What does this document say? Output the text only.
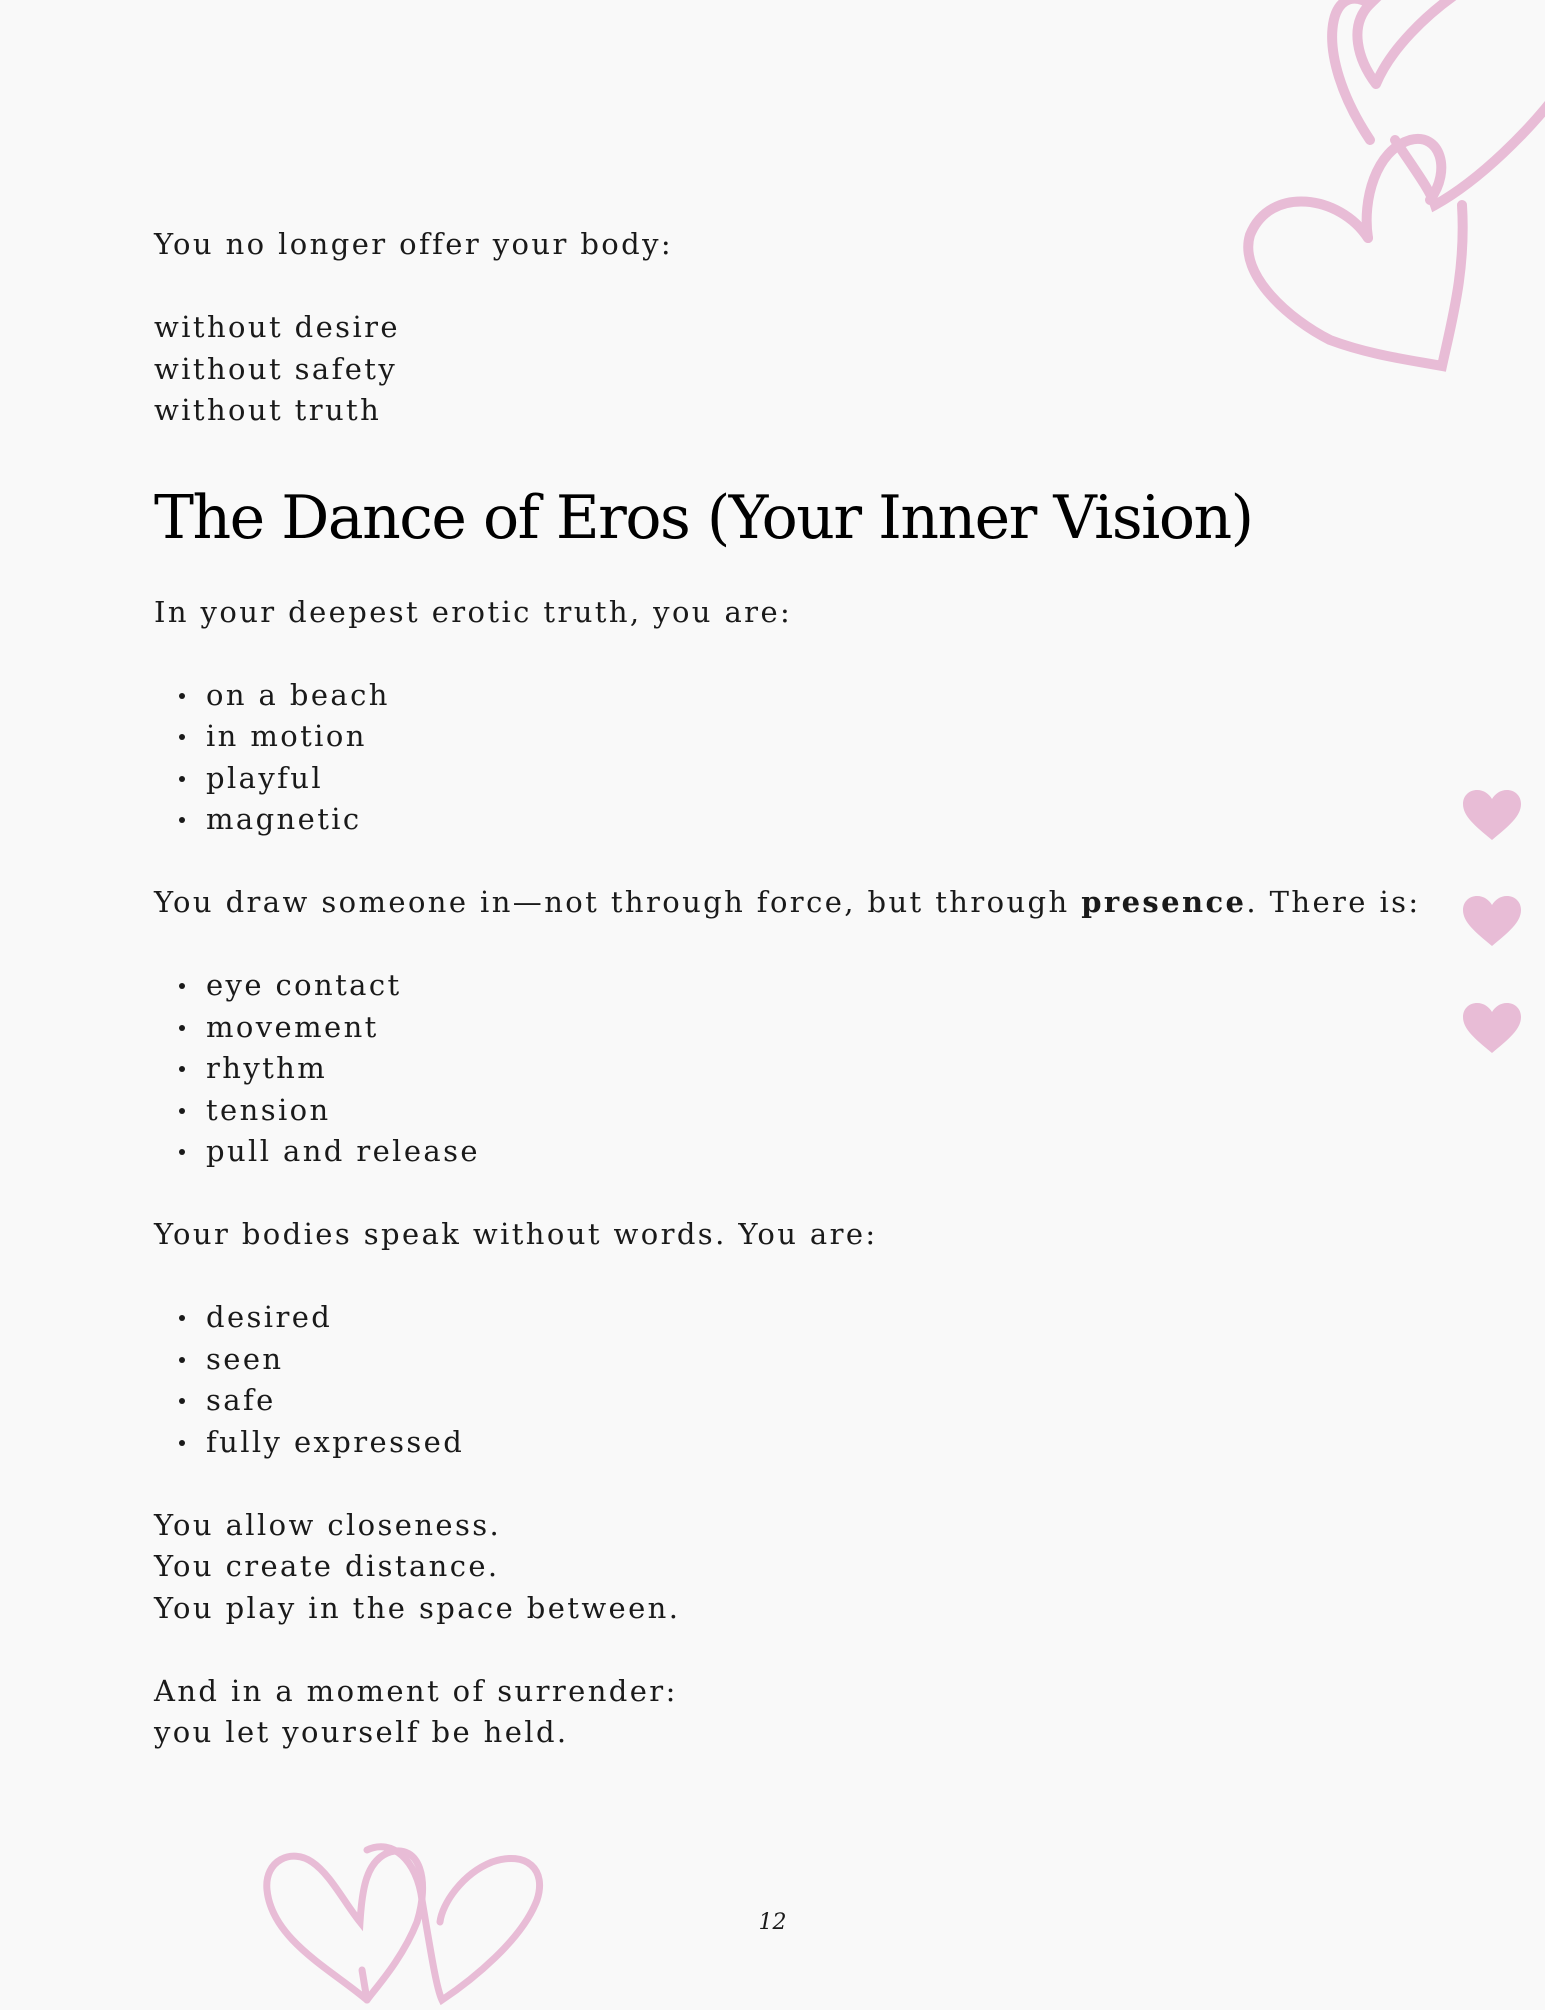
You no longer offer your body:

without desire

without safety

without truth

The Dance of Eros (Your Inner Vision)

In your deepest erotic truth, you are:

on a beach
in motion
playful
magnetic

You draw someone in—not through force, but through presence. There is:

eye contact
movement
rhythm
tension
pull and release

Your bodies speak without words. You are:

desired
seen
safe
fully expressed

You allow closeness.

You create distance.

You play in the space between.

And in a moment of surrender:

you let yourself be held.

12
